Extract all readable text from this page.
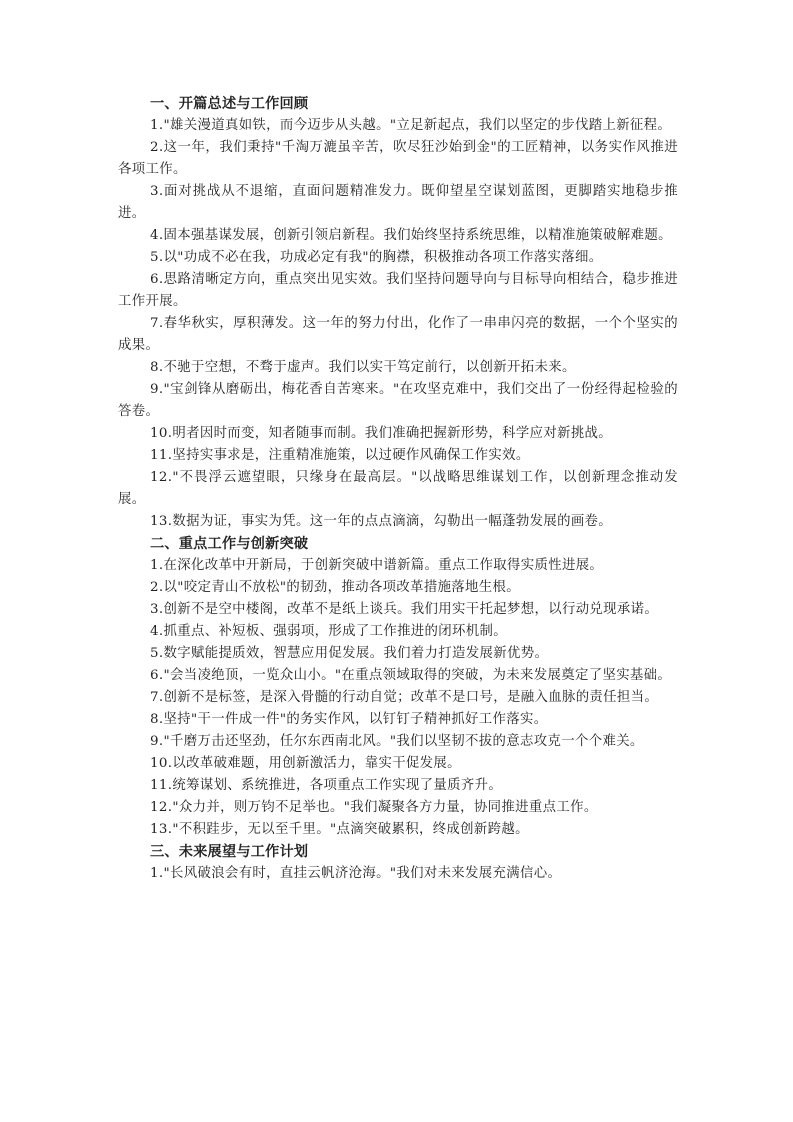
一、开篇总述与工作回顾

1."雄关漫道真如铁，而今迈步从头越。"立足新起点，我们以坚定的步伐踏上新征程。

2.这一年，我们秉持"千淘万漉虽辛苦，吹尽狂沙始到金"的工匠精神，以务实作风推进各项工作。

3.面对挑战从不退缩，直面问题精准发力。既仰望星空谋划蓝图，更脚踏实地稳步推进。

4.固本强基谋发展，创新引领启新程。我们始终坚持系统思维，以精准施策破解难题。

5.以"功成不必在我，功成必定有我"的胸襟，积极推动各项工作落实落细。

6.思路清晰定方向，重点突出见实效。我们坚持问题导向与目标导向相结合，稳步推进工作开展。

7.春华秋实，厚积薄发。这一年的努力付出，化作了一串串闪亮的数据，一个个坚实的成果。

8.不驰于空想，不骛于虚声。我们以实干笃定前行，以创新开拓未来。

9."宝剑锋从磨砺出，梅花香自苦寒来。"在攻坚克难中，我们交出了一份经得起检验的答卷。

10.明者因时而变，知者随事而制。我们准确把握新形势，科学应对新挑战。

11.坚持实事求是，注重精准施策，以过硬作风确保工作实效。

12."不畏浮云遮望眼，只缘身在最高层。"以战略思维谋划工作，以创新理念推动发展。

13.数据为证，事实为凭。这一年的点点滴滴，勾勒出一幅蓬勃发展的画卷。

二、重点工作与创新突破

1.在深化改革中开新局，于创新突破中谱新篇。重点工作取得实质性进展。

2.以"咬定青山不放松"的韧劲，推动各项改革措施落地生根。

3.创新不是空中楼阁，改革不是纸上谈兵。我们用实干托起梦想，以行动兑现承诺。

4.抓重点、补短板、强弱项，形成了工作推进的闭环机制。

5.数字赋能提质效，智慧应用促发展。我们着力打造发展新优势。

6."会当凌绝顶，一览众山小。"在重点领域取得的突破，为未来发展奠定了坚实基础。

7.创新不是标签，是深入骨髓的行动自觉；改革不是口号，是融入血脉的责任担当。

8.坚持"干一件成一件"的务实作风，以钉钉子精神抓好工作落实。

9."千磨万击还坚劲，任尔东西南北风。"我们以坚韧不拔的意志攻克一个个难关。

10.以改革破难题，用创新激活力，靠实干促发展。

11.统筹谋划、系统推进，各项重点工作实现了量质齐升。

12."众力并，则万钧不足举也。"我们凝聚各方力量，协同推进重点工作。

13."不积跬步，无以至千里。"点滴突破累积，终成创新跨越。

三、未来展望与工作计划

1."长风破浪会有时，直挂云帆济沧海。"我们对未来发展充满信心。
